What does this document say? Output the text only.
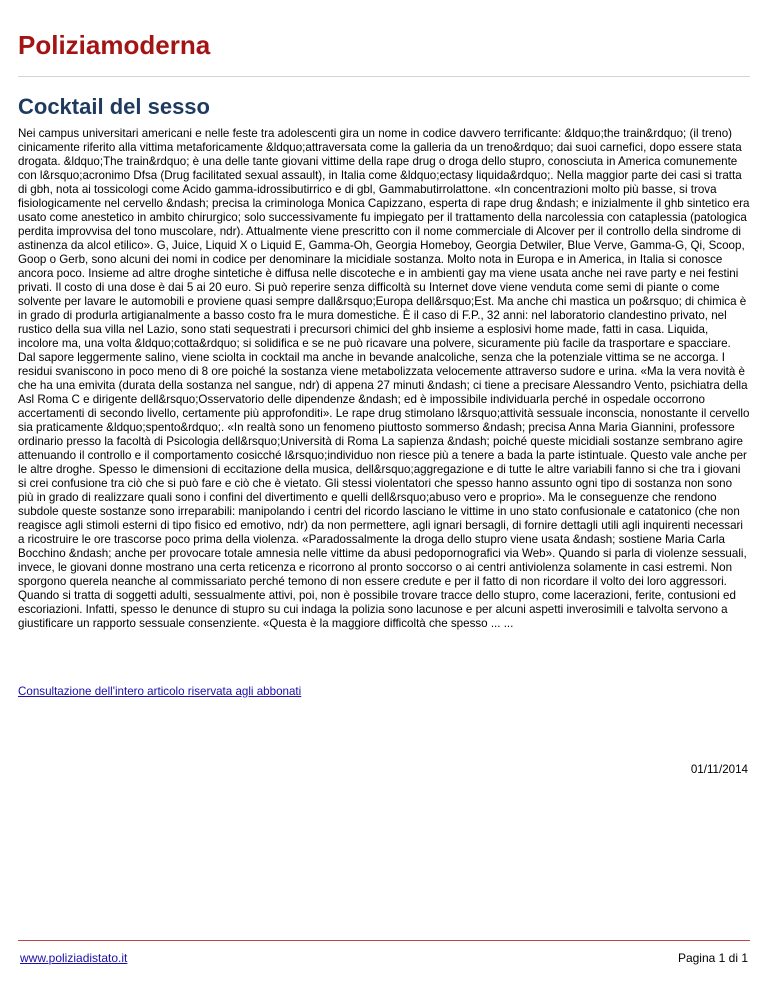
Poliziamoderna
Cocktail del sesso

Nei campus universitari americani e nelle feste tra adolescenti gira un nome in codice davvero terrificante: &ldquo;the train&rdquo; (il treno) cinicamente riferito alla vittima metaforicamente &ldquo;attraversata come la galleria da un treno&rdquo; dai suoi carnefici, dopo essere stata drogata. &ldquo;The train&rdquo; è una delle tante giovani vittime della rape drug o droga dello stupro, conosciuta in America comunemente con l&rsquo;acronimo Dfsa (Drug facilitated sexual assault), in Italia come &ldquo;ectasy liquida&rdquo;. Nella maggior parte dei casi si tratta di gbh, nota ai tossicologi come Acido gamma-idrossibutirrico e di gbl, Gammabutirrolattone. «In concentrazioni molto più basse, si trova fisiologicamente nel cervello &ndash; precisa la criminologa Monica Capizzano, esperta di rape drug &ndash; e inizialmente il ghb sintetico era usato come anestetico in ambito chirurgico; solo successivamente fu impiegato per il trattamento della narcolessia con cataplessia (patologica perdita improvvisa del tono muscolare, ndr). Attualmente viene prescritto con il nome commerciale di Alcover per il controllo della sindrome di astinenza da alcol etilico». G, Juice, Liquid X o Liquid E, Gamma-Oh, Georgia Homeboy, Georgia Detwiler, Blue Verve, Gamma-G, Qi, Scoop, Goop o Gerb, sono alcuni dei nomi in codice per denominare la micidiale sostanza. Molto nota in Europa e in America, in Italia si conosce ancora poco. Insieme ad altre droghe sintetiche è diffusa nelle discoteche e in ambienti gay ma viene usata anche nei rave party e nei festini privati. Il costo di una dose è dai 5 ai 20 euro. Si può reperire senza difficoltà su Internet dove viene venduta come semi di piante o come solvente per lavare le automobili e proviene quasi sempre dall&rsquo;Europa dell&rsquo;Est. Ma anche chi mastica un po&rsquo; di chimica è in grado di produrla artigianalmente a basso costo fra le mura domestiche. È il caso di F.P., 32 anni: nel laboratorio clandestino privato, nel rustico della sua villa nel Lazio, sono stati sequestrati i precursori chimici del ghb insieme a esplosivi home made, fatti in casa. Liquida, incolore ma, una volta &ldquo;cotta&rdquo; si solidifica e se ne può ricavare una polvere, sicuramente più facile da trasportare e spacciare. Dal sapore leggermente salino, viene sciolta in cocktail ma anche in bevande analcoliche, senza che la potenziale vittima se ne accorga. I residui svaniscono in poco meno di 8 ore poiché la sostanza viene metabolizzata velocemente attraverso sudore e urina. «Ma la vera novità è che ha una emivita (durata della sostanza nel sangue, ndr) di appena 27 minuti &ndash; ci tiene a precisare Alessandro Vento, psichiatra della Asl Roma C e dirigente dell&rsquo;Osservatorio delle dipendenze &ndash; ed è impossibile individuarla perché in ospedale occorrono accertamenti di secondo livello, certamente più approfonditi». Le rape drug stimolano l&rsquo;attività sessuale inconscia, nonostante il cervello sia praticamente &ldquo;spento&rdquo;. «In realtà sono un fenomeno piuttosto sommerso &ndash; precisa Anna Maria Giannini, professore ordinario presso la facoltà di Psicologia dell&rsquo;Università di Roma La sapienza &ndash; poiché queste micidiali sostanze sembrano agire attenuando il controllo e il comportamento cosicché l&rsquo;individuo non riesce più a tenere a bada la parte istintuale. Questo vale anche per le altre droghe. Spesso le dimensioni di eccitazione della musica, dell&rsquo;aggregazione e di tutte le altre variabili fanno si che tra i giovani si crei confusione tra ciò che si può fare e ciò che è vietato. Gli stessi violentatori che spesso hanno assunto ogni tipo di sostanza non sono più in grado di realizzare quali sono i confini del divertimento e quelli dell&rsquo;abuso vero e proprio». Ma le conseguenze che rendono subdole queste sostanze sono irreparabili: manipolando i centri del ricordo lasciano le vittime in uno stato confusionale e catatonico (che non reagisce agli stimoli esterni di tipo fisico ed emotivo, ndr) da non permettere, agli ignari bersagli, di fornire dettagli utili agli inquirenti necessari a ricostruire le ore trascorse poco prima della violenza. «Paradossalmente la droga dello stupro viene usata &ndash; sostiene Maria Carla Bocchino &ndash; anche per provocare totale amnesia nelle vittime da abusi pedopornografici via Web». Quando si parla di violenze sessuali, invece, le giovani donne mostrano una certa reticenza e ricorrono al pronto soccorso o ai centri antiviolenza solamente in casi estremi. Non sporgono querela neanche al commissariato perché temono di non essere credute e per il fatto di non ricordare il volto dei loro aggressori. Quando si tratta di soggetti adulti, sessualmente attivi, poi, non è possibile trovare tracce dello stupro, come lacerazioni, ferite, contusioni ed escoriazioni. Infatti, spesso le denunce di stupro su cui indaga la polizia sono lacunose e per alcuni aspetti inverosimili e talvolta servono a giustificare un rapporto sessuale consenziente. «Questa è la maggiore difficoltà che spesso ... ...

Consultazione dell'intero articolo riservata agli abbonati
01/11/2014
www.poliziadistato.it	Pagina 1 di 1
